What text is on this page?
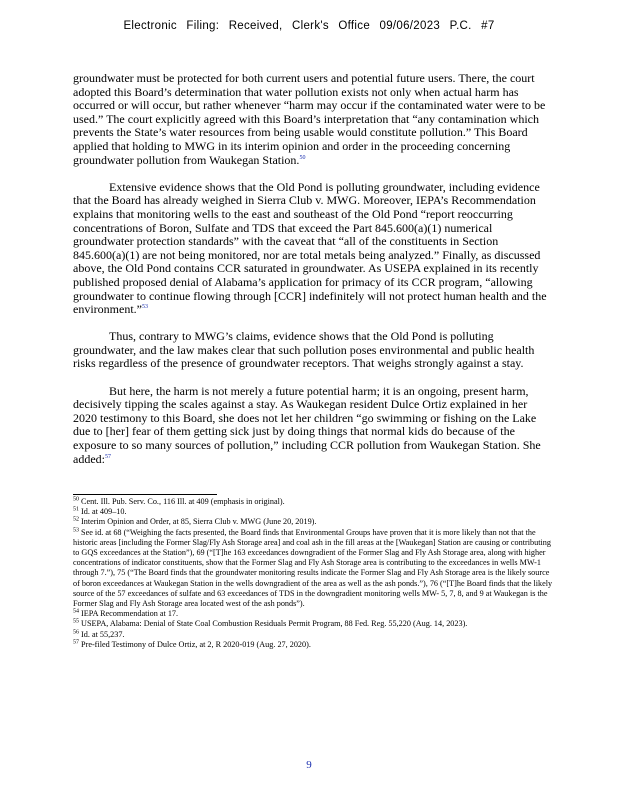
Electronic Filing: Received, Clerk's Office 09/06/2023 P.C. #7

groundwater must be protected for both current users and potential future users. There, the court adopted this Board’s determination that water pollution exists not only when actual harm has occurred or will occur, but rather whenever “harm may occur if the contaminated water were to be used.” The court explicitly agreed with this Board’s interpretation that “any contamination which prevents the State’s water resources from being usable would constitute pollution.” This Board applied that holding to MWG in its interim opinion and order in the proceeding concerning groundwater pollution from Waukegan Station.$^{50}$

Extensive evidence shows that the Old Pond is polluting groundwater, including evidence that the Board has already weighed in Sierra Club v. MWG. Moreover, IEPA’s Recommendation explains that monitoring wells to the east and southeast of the Old Pond “report reoccurring concentrations of Boron, Sulfate and TDS that exceed the Part 845.600(a)(1) numerical groundwater protection standards” with the caveat that “all of the constituents in Section 845.600(a)(1) are not being monitored, nor are total metals being analyzed.” Finally, as discussed above, the Old Pond contains CCR saturated in groundwater. As USEPA explained in its recently published proposed denial of Alabama’s application for primacy of its CCR program, “allowing groundwater to continue flowing through [CCR] indefinitely will not protect human health and the environment.”$^{53}$

Thus, contrary to MWG’s claims, evidence shows that the Old Pond is polluting groundwater, and the law makes clear that such pollution poses environmental and public health risks regardless of the presence of groundwater receptors. That weighs strongly against a stay.

But here, the harm is not merely a future potential harm; it is an ongoing, present harm, decisively tipping the scales against a stay. As Waukegan resident Dulce Ortiz explained in her 2020 testimony to this Board, she does not let her children “go swimming or fishing on the Lake due to [her] fear of them getting sick just by doing things that normal kids do because of the exposure to so many sources of pollution,” including CCR pollution from Waukegan Station. She added:$^{57}$

$^{50}$ Cent. Ill. Pub. Serv. Co., 116 Ill. at 409 (emphasis in original).

$^{51}$ Id. at 409–10.

$^{52}$ Interim Opinion and Order, at 85, Sierra Club v. MWG (June 20, 2019).

$^{53}$ See id. at 68 (“Weighing the facts presented, the Board finds that Environmental Groups have proven that it is more likely than not that the historic areas [including the Former Slag/Fly Ash Storage area] and coal ash in the fill areas at the [Waukegan] Station are causing or contributing to GQS exceedances at the Station”), 69 (“[T]he 163 exceedances downgradient of the Former Slag and Fly Ash Storage area, along with higher concentrations of indicator constituents, show that the Former Slag and Fly Ash Storage area is contributing to the exceedances in wells MW-1 through 7.”), 75 (“The Board finds that the groundwater monitoring results indicate the Former Slag and Fly Ash Storage area is the likely source of boron exceedances at Waukegan Station in the wells downgradient of the area as well as the ash ponds.”), 76 (“[T]he Board finds that the likely source of the 57 exceedances of sulfate and 63 exceedances of TDS in the downgradient monitoring wells MW- 5, 7, 8, and 9 at Waukegan is the Former Slag and Fly Ash Storage area located west of the ash ponds”).

$^{54}$ IEPA Recommendation at 17.

$^{55}$ USEPA, Alabama: Denial of State Coal Combustion Residuals Permit Program, 88 Fed. Reg. 55,220 (Aug. 14, 2023).

$^{56}$ Id. at 55,237.

$^{57}$ Pre-filed Testimony of Dulce Ortiz, at 2, R 2020-019 (Aug. 27, 2020).

9
